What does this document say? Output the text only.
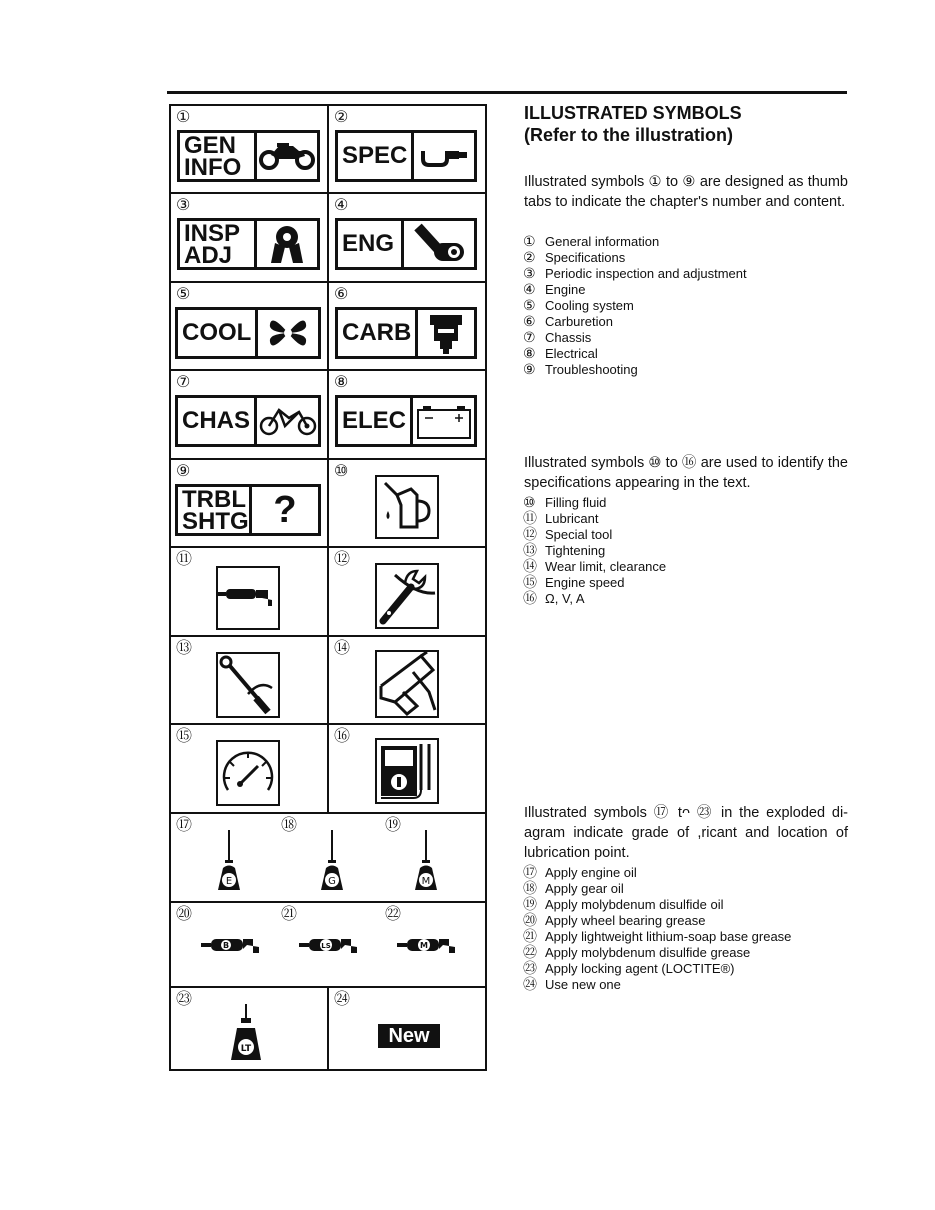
①
GEN
INFO
②
SPEC
③
INSP
ADJ
④
ENG
⑤
COOL
⑥
CARB
⑦
CHAS
⑧
ELEC
⑨
TRBL
SHTG ?
⑩
⑪	⑫
⑬	⑭
⑮	⑯
⑰	⑱	⑲
E	G	M
⑳	㉑	㉒
B	LS	M
㉓
LT
㉔
New
ILLUSTRATED SYMBOLS
(Refer to the illustration)
Illustrated symbols ① to ⑨ are designed as thumb tabs to indicate the chapter's number and content.
① General information
② Specifications
③ Periodic inspection and adjustment
④ Engine
⑤ Cooling system
⑥ Carburetion
⑦ Chassis
⑧ Electrical
⑨ Troubleshooting
Illustrated symbols ⑩ to ⑯ are used to identify the specifications appearing in the text.
⑩ Filling fluid
⑪ Lubricant
⑫ Special tool
⑬ Tightening
⑭ Wear limit, clearance
⑮ Engine speed
⑯ Ω, V, A
Illustrated symbols ⑰ tᴖ ㉓ in the exploded di-agram indicate grade of ,ricant and location of lubrication point.
⑰ Apply engine oil
⑱ Apply gear oil
⑲ Apply molybdenum disulfide oil
⑳ Apply wheel bearing grease
㉑ Apply lightweight lithium-soap base grease
㉒ Apply molybdenum disulfide grease
㉓ Apply locking agent (LOCTITE®)
㉔ Use new one
